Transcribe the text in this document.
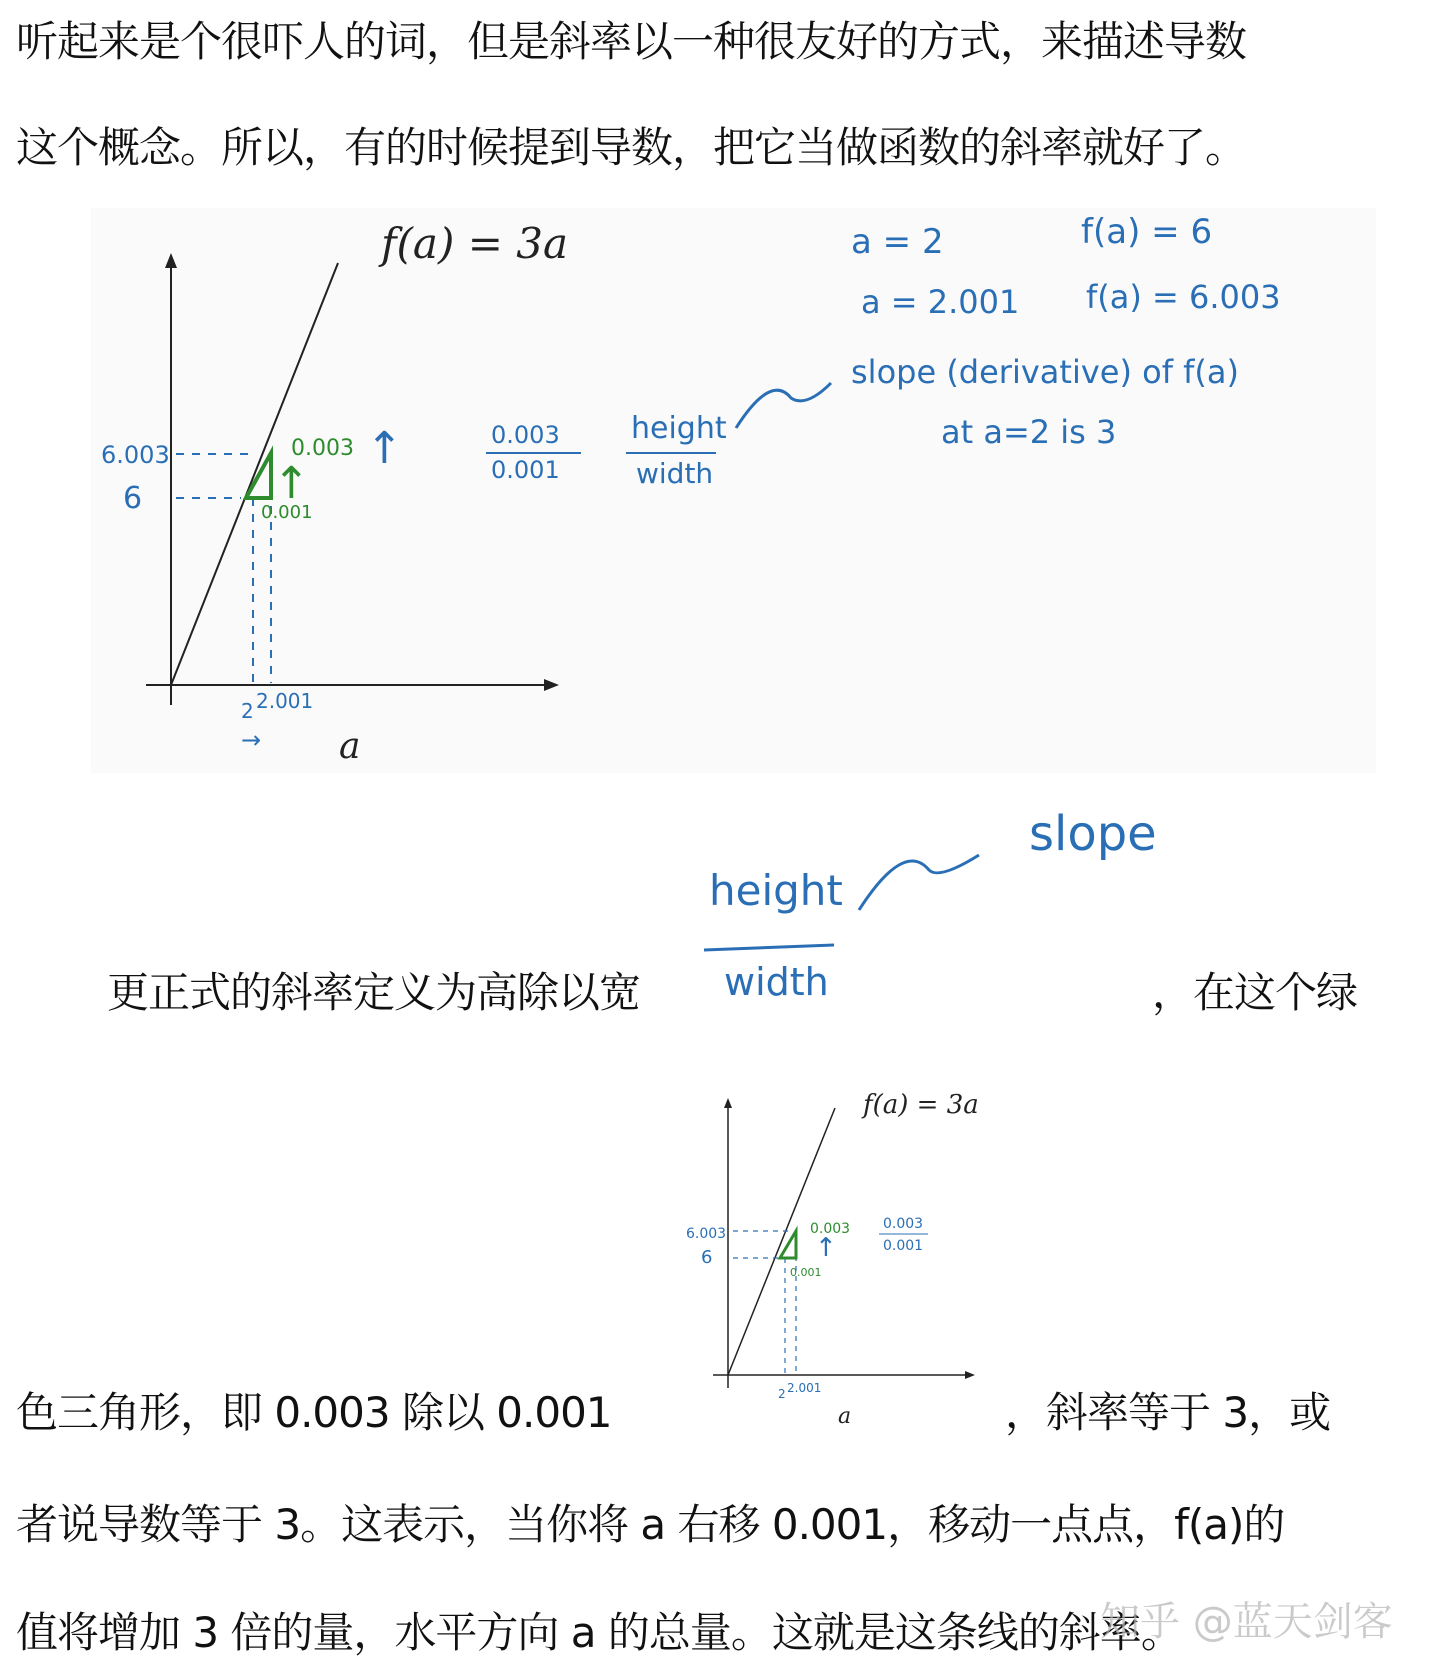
听起来是个很吓人的词，但是斜率以一种很友好的方式，来描述导数
这个概念。所以，有的时候提到导数，把它当做函数的斜率就好了。
f(a) = 3a
a
6.003
6
2 2.001
→
↑
0.003
0.001
↑	0.003
0.001
height
width
a = 2	f(a) = 6
a = 2.001 f(a) = 6.003
slope (derivative) of f(a)
at a=2 is 3
height
width
slope
更正式的斜率定义为高除以宽	，在这个绿
f(a) = 3a
a
6.003
6
2 2.001
0.003
0.001
↑
0.003
0.001
色三角形，即 0.003 除以 0.001	，斜率等于 3，或
者说导数等于 3。这表示，当你将 a 右移 0.001，移动一点点，f(a)的
值将增加 3 倍的量，水平方向 a 的总量。这就是这条线的斜率。
知乎 @蓝天剑客
